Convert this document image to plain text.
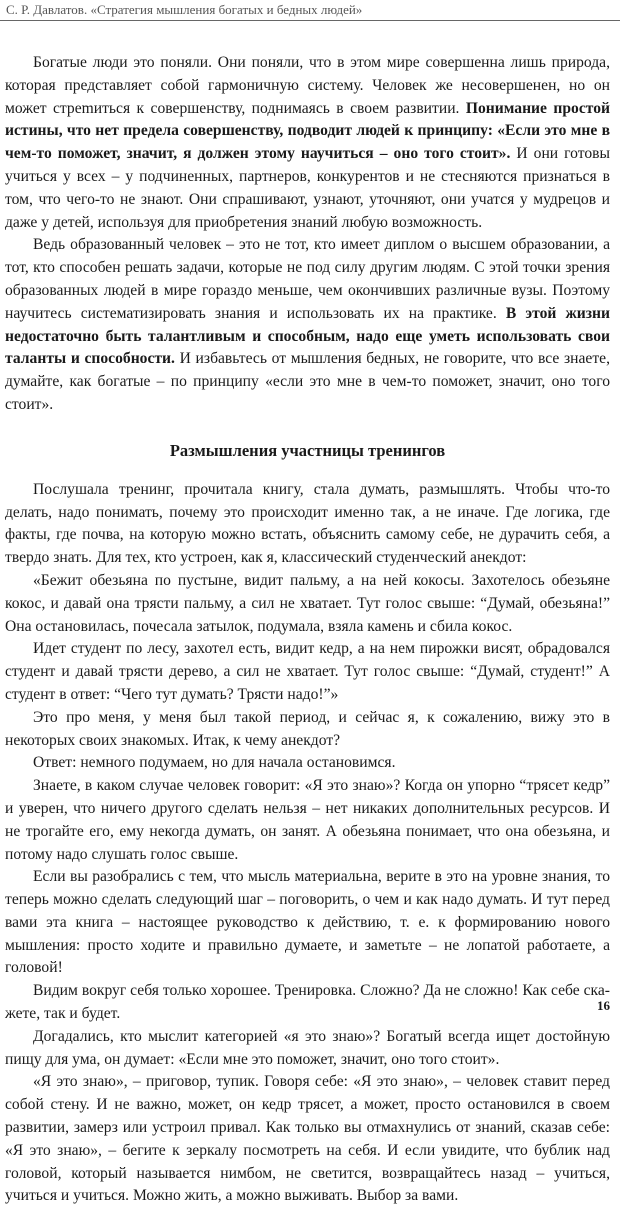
С. Р. Давлатов. «Стратегия мышления богатых и бедных людей»

Богатые люди это поняли. Они поняли, что в этом мире совершенна лишь природа, которая представляет собой гармоничную систему. Человек же несовершенен, но он может стреmиться к совершенству, поднимаясь в своем развитии. Понимание простой истины, что нет предела совершенству, подводит людей к принципу: «Если это мне в чем-то поможет, значит, я должен этому научиться – оно того стоит». И они готовы учиться у всех – у подчиненных, партнеров, конкурентов и не стесняются признаться в том, что чего-то не знают. Они спрашивают, узнают, уточняют, они учатся у мудрецов и даже у детей, используя для приобретения знаний любую возможность.

Ведь образованный человек – это не тот, кто имеет диплом о высшем образовании, а тот, кто способен решать задачи, которые не под силу другим людям. С этой точки зрения образованных людей в мире гораздо меньше, чем окончивших различные вузы. Поэтому научитесь систематизировать знания и использовать их на практике. В этой жизни недостаточно быть талантливым и способным, надо еще уметь использовать свои таланты и способности. И избавьтесь от мышления бедных, не говорите, что все знаете, думайте, как богатые – по принципу «если это мне в чем-то поможет, значит, оно того стоит».

Размышления участницы тренингов

Послушала тренинг, прочитала книгу, стала думать, размышлять. Чтобы что-то делать, надо понимать, почему это происходит именно так, а не иначе. Где логика, где факты, где почва, на которую можно встать, объяснить самому себе, не дурачить себя, а твердо знать. Для тех, кто устроен, как я, классический студенческий анекдот:

«Бежит обезьяна по пустыне, видит пальму, а на ней кокосы. Захотелось обезьяне кокос, и давай она трясти пальму, а сил не хватает. Тут голос свыше: “Думай, обезьяна!” Она остановилась, почесала затылок, подумала, взяла камень и сбила кокос.

Идет студент по лесу, захотел есть, видит кедр, а на нем пирожки висят, обрадовался студент и давай трясти дерево, а сил не хватает. Тут голос свыше: “Думай, студент!” А студент в ответ: “Чего тут думать? Трясти надо!”»

Это про меня, у меня был такой период, и сейчас я, к сожалению, вижу это в некоторых своих знакомых. Итак, к чему анекдот?

Ответ: немного подумаем, но для начала остановимся.

Знаете, в каком случае человек говорит: «Я это знаю»? Когда он упорно “трясет кедр” и уверен, что ничего другого сделать нельзя – нет никаких дополнительных ресурсов. И не трогайте его, ему некогда думать, он занят. А обезьяна понимает, что она обезьяна, и потому надо слушать голос свыше.

Если вы разобрались с тем, что мысль материальна, верите в это на уровне знания, то теперь можно сделать следующий шаг – поговорить, о чем и как надо думать. И тут перед вами эта книга – настоящее руководство к действию, т. е. к формированию нового мышления: просто ходите и правильно думаете, и заметьте – не лопатой работаете, а головой!

Видим вокруг себя только хорошее. Тренировка. Сложно? Да не сложно! Как себе скажете, так и будет.

Догадались, кто мыслит категорией «я это знаю»? Богатый всегда ищет достойную пищу для ума, он думает: «Если мне это поможет, значит, оно того стоит».

«Я это знаю», – приговор, тупик. Говоря себе: «Я это знаю», – человек ставит перед собой стену. И не важно, может, он кедр трясет, а может, просто остановился в своем развитии, замерз или устроил привал. Как только вы отмахнулись от знаний, сказав себе: «Я это знаю», – бегите к зеркалу посмотреть на себя. И если увидите, что бублик над головой, который называется нимбом, не светится, возвращайтесь назад – учиться, учиться и учиться. Можно жить, а можно выживать. Выбор за вами.

16
